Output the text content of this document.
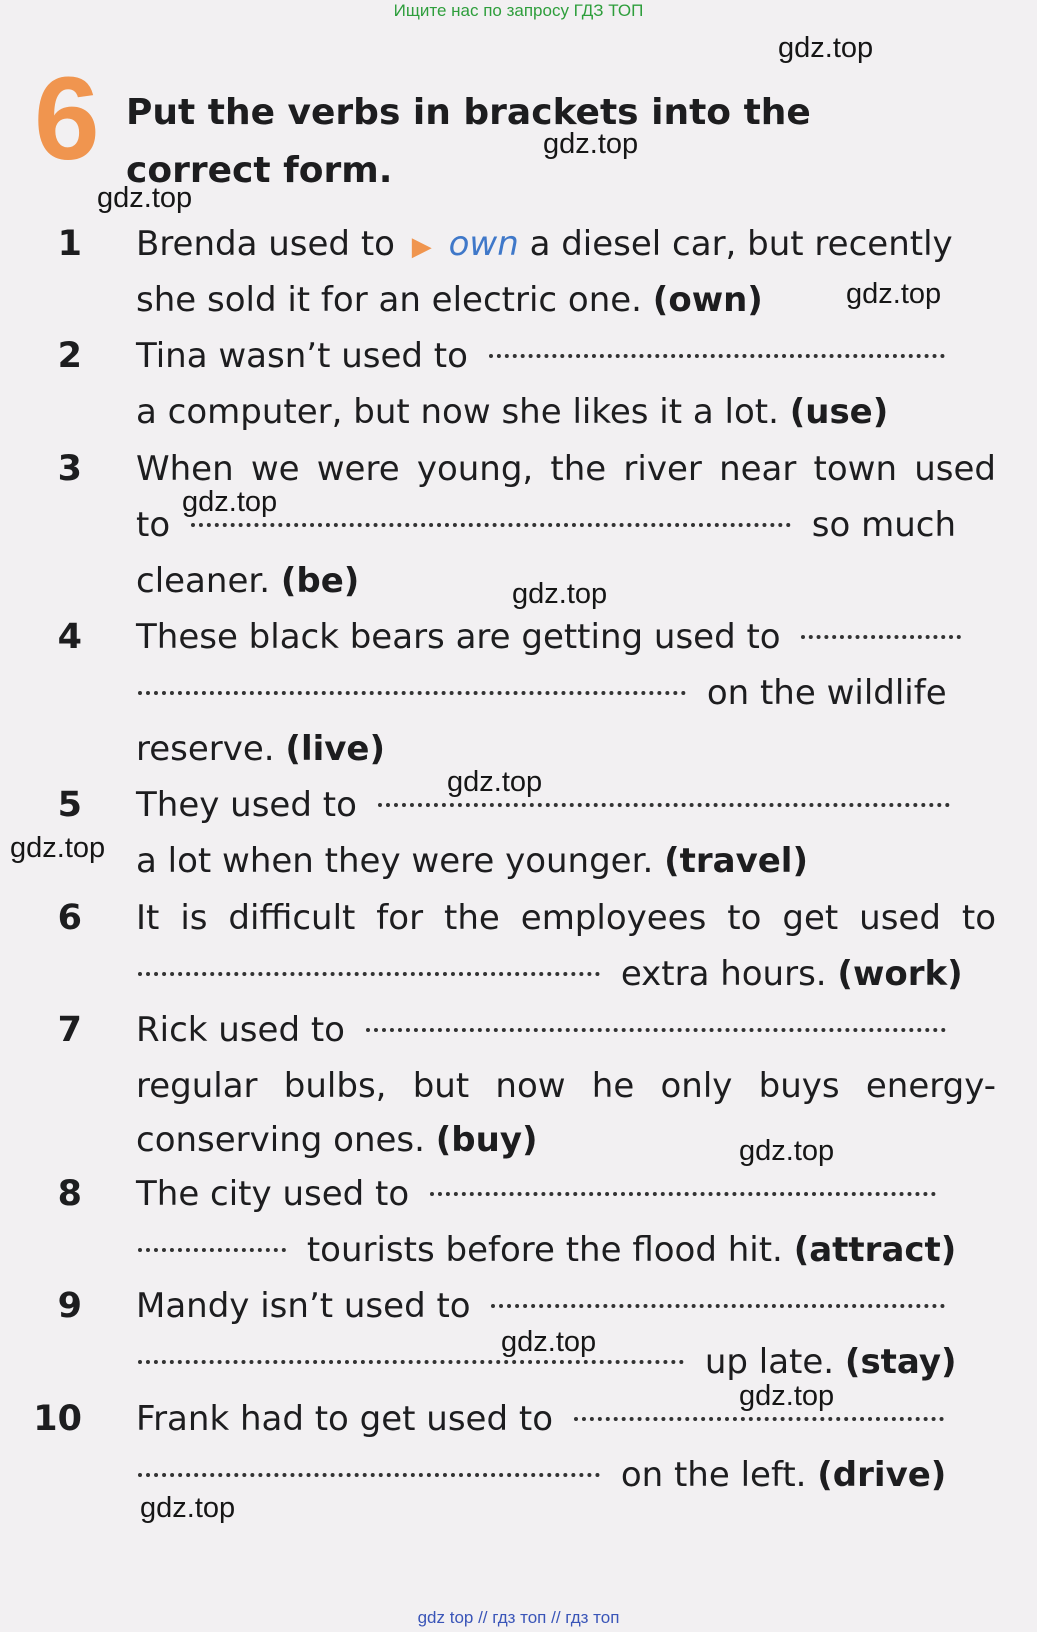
Ищите нас по запросу ГДЗ ТОП
gdz.top
6 Put the verbs in brackets into the correct form.
gdz.top
gdz.top
1 Brenda used to ▶ own a diesel car, but recently
she sold it for an electric one. (own)	gdz.top
2 Tina wasn’t used to
a computer, but now she likes it a lot. (use)
3 When we were young, the river near town used
to	so much
cleaner. (be)
gdz.top
gdz.top
4 These black bears are getting used to
on the wildlife
reserve. (live)
gdz.top
5 They used to
a lot when they were younger. (travel)
gdz.top
6 It is difficult for the employees to get used to
extra hours. (work)
7 Rick used to
regular bulbs, but now he only buys energy-
conserving ones. (buy)	gdz.top
8 The city used to
tourists before the flood hit. (attract)
9 Mandy isn’t used to
up late. (stay)
gdz.top
gdz.top
10 Frank had to get used to
on the left. (drive)
gdz.top
gdz top // гдз топ // гдз топ
